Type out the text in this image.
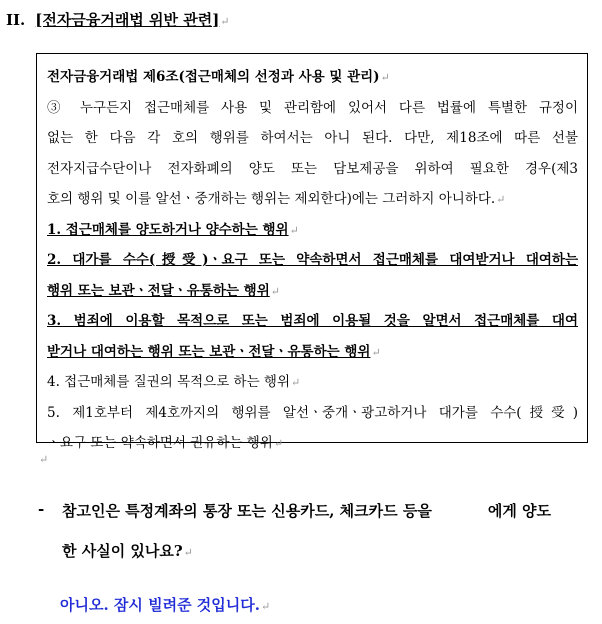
II. [전자금융거래법 위반 관련]↵
전자금융거래법 제6조(접근매체의 선정과 사용 및 관리)↵
③ 누구든지 접근매체를 사용 및 관리함에 있어서 다른 법률에 특별한 규정이
없는 한 다음 각 호의 행위를 하여서는 아니 된다. 다만, 제18조에 따른 선불
전자지급수단이나 전자화폐의 양도 또는 담보제공을 위하여 필요한 경우(제3
호의 행위 및 이를 알선ㆍ중개하는 행위는 제외한다)에는 그러하지 아니하다.↵
1. 접근매체를 양도하거나 양수하는 행위↵
2. 대가를 수수(授受)ㆍ요구 또는 약속하면서 접근매체를 대여받거나 대여하는
행위 또는 보관ㆍ전달ㆍ유통하는 행위↵
3. 범죄에 이용할 목적으로 또는 범죄에 이용될 것을 알면서 접근매체를 대여
받거나 대여하는 행위 또는 보관ㆍ전달ㆍ유통하는 행위↵
4. 접근매체를 질권의 목적으로 하는 행위↵
5. 제1호부터 제4호까지의 행위를 알선ㆍ중개ㆍ광고하거나 대가를 수수(授受)
ㆍ요구 또는 약속하면서 권유하는 행위↵
↵
- 참고인은 특정계좌의 통장 또는 신용카드, 체크카드 등을	에게 양도
한 사실이 있나요?↵
아니오. 잠시 빌려준 것입니다.↵
